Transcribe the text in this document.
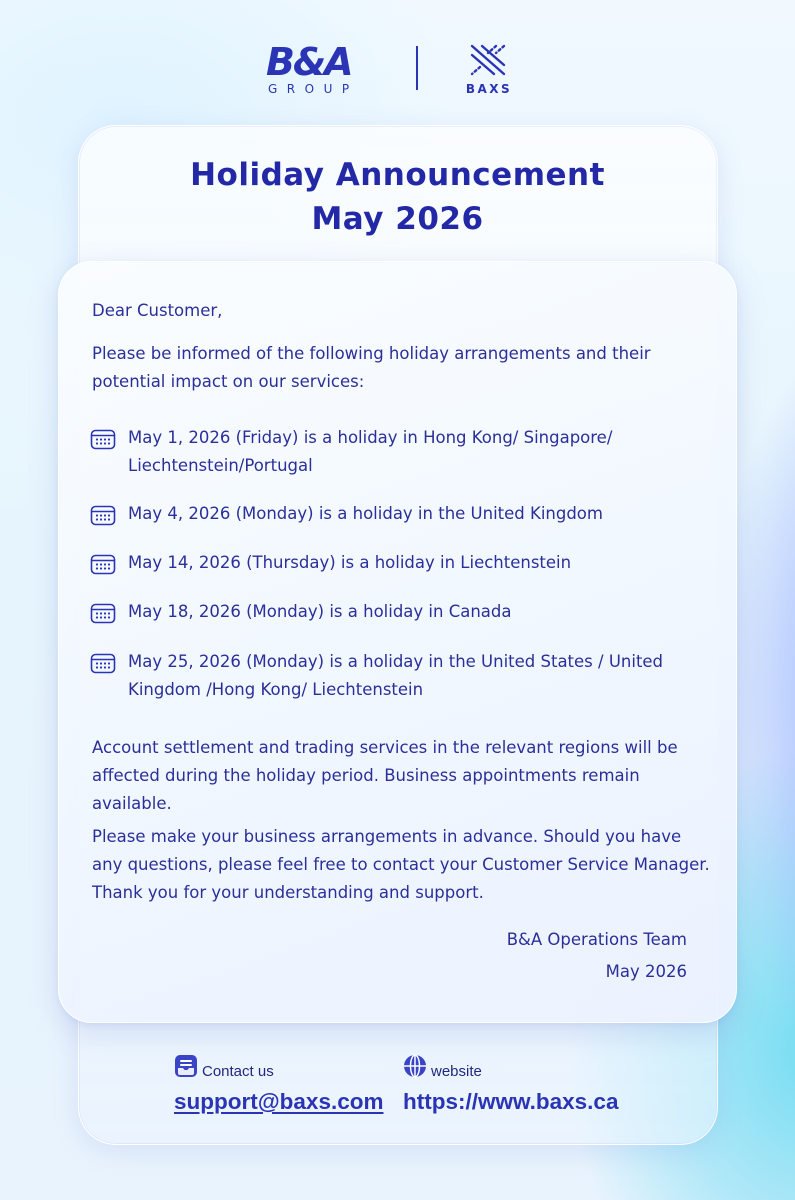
B&A
GROUP	BAXS
Holiday Announcement
May 2026
Dear Customer,
Please be informed of the following holiday arrangements and their potential impact on our services:
May 1, 2026 (Friday) is a holiday in Hong Kong/ Singapore/ Liechtenstein/Portugal
May 4, 2026 (Monday) is a holiday in the United Kingdom
May 14, 2026 (Thursday) is a holiday in Liechtenstein
May 18, 2026 (Monday) is a holiday in Canada
May 25, 2026 (Monday) is a holiday in the United States / United Kingdom /Hong Kong/ Liechtenstein
Account settlement and trading services in the relevant regions will be affected during the holiday period. Business appointments remain available.
Please make your business arrangements in advance. Should you have any questions, please feel free to contact your Customer Service Manager. Thank you for your understanding and support.
B&A Operations Team
May 2026
Contact us
support@baxs.com
website
https://www.baxs.ca
